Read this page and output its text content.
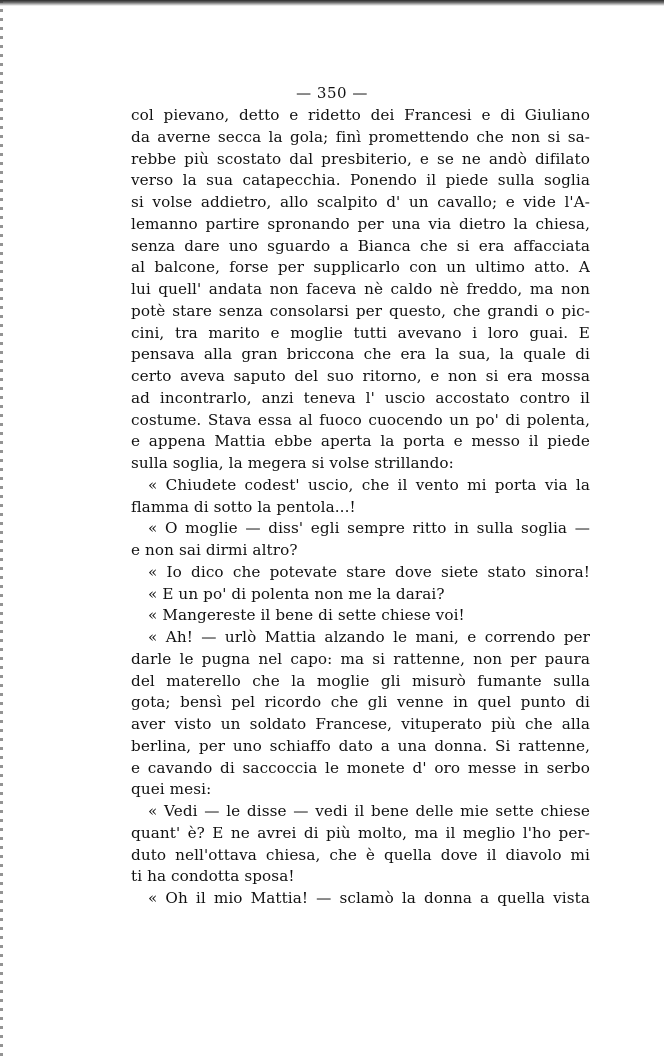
— 350 —
col pievano, detto e ridetto dei Francesi e di Giuliano
da averne secca la gola; finì promettendo che non si sa-
rebbe più scostato dal presbiterio, e se ne andò difilato
verso la sua catapecchia. Ponendo il piede sulla soglia
si volse addietro, allo scalpito d' un cavallo; e vide l'A-
lemanno partire spronando per una via dietro la chiesa,
senza dare uno sguardo a Bianca che si era affacciata
al balcone, forse per supplicarlo con un ultimo atto. A
lui quell' andata non faceva nè caldo nè freddo, ma non
potè stare senza consolarsi per questo, che grandi o pic-
cini, tra marito e moglie tutti avevano i loro guai. E
pensava alla gran briccona che era la sua, la quale di
certo aveva saputo del suo ritorno, e non si era mossa
ad incontrarlo, anzi teneva l' uscio accostato contro il
costume. Stava essa al fuoco cuocendo un po' di polenta,
e appena Mattia ebbe aperta la porta e messo il piede
sulla soglia, la megera si volse strillando:
« Chiudete codest' uscio, che il vento mi porta via la
flamma di sotto la pentola...!
« O moglie — diss' egli sempre ritto in sulla soglia —
e non sai dirmi altro?
« Io dico che potevate stare dove siete stato sinora!
« E un po' di polenta non me la darai?
« Mangereste il bene di sette chiese voi!
« Ah! — urlò Mattia alzando le mani, e correndo per
darle le pugna nel capo: ma si rattenne, non per paura
del materello che la moglie gli misurò fumante sulla
gota; bensì pel ricordo che gli venne in quel punto di
aver visto un soldato Francese, vituperato più che alla
berlina, per uno schiaffo dato a una donna. Si rattenne,
e cavando di saccoccia le monete d' oro messe in serbo
quei mesi:
« Vedi — le disse — vedi il bene delle mie sette chiese
quant' è? E ne avrei di più molto, ma il meglio l'ho per-
duto nell'ottava chiesa, che è quella dove il diavolo mi
ti ha condotta sposa!
« Oh il mio Mattia! — sclamò la donna a quella vista
